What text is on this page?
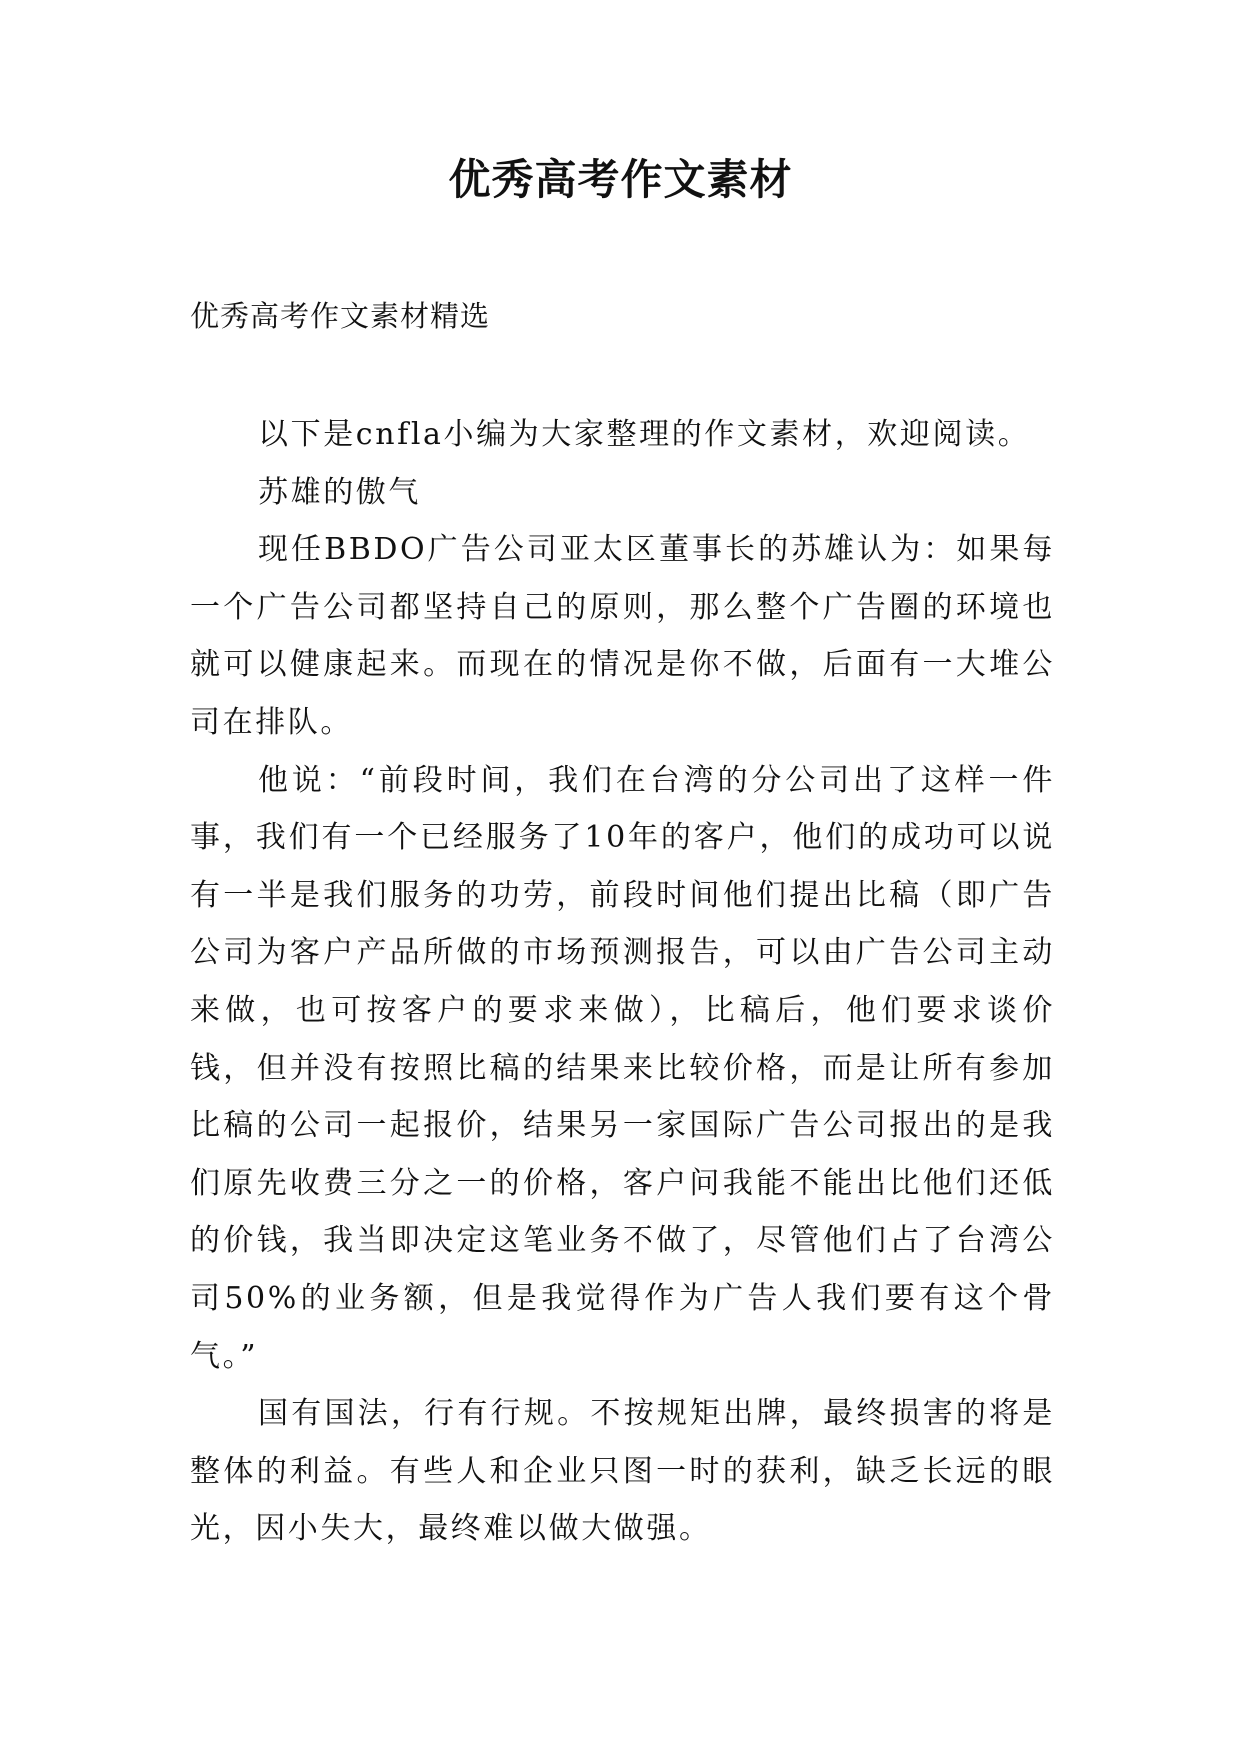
优秀高考作文素材
优秀高考作文素材精选

以下是cnfla小编为大家整理的作文素材，欢迎阅读。

苏雄的傲气

现任BBDO广告公司亚太区董事长的苏雄认为：如果每一个广告公司都坚持自己的原则，那么整个广告圈的环境也就可以健康起来。而现在的情况是你不做，后面有一大堆公司在排队。

他说：“前段时间，我们在台湾的分公司出了这样一件事，我们有一个已经服务了10年的客户，他们的成功可以说有一半是我们服务的功劳，前段时间他们提出比稿（即广告公司为客户产品所做的市场预测报告，可以由广告公司主动来做，也可按客户的要求来做），比稿后，他们要求谈价钱，但并没有按照比稿的结果来比较价格，而是让所有参加比稿的公司一起报价，结果另一家国际广告公司报出的是我们原先收费三分之一的价格，客户问我能不能出比他们还低的价钱，我当即决定这笔业务不做了，尽管他们占了台湾公司50%的业务额，但是我觉得作为广告人我们要有这个骨气。”

国有国法，行有行规。不按规矩出牌，最终损害的将是整体的利益。有些人和企业只图一时的获利，缺乏长远的眼光，因小失大，最终难以做大做强。
